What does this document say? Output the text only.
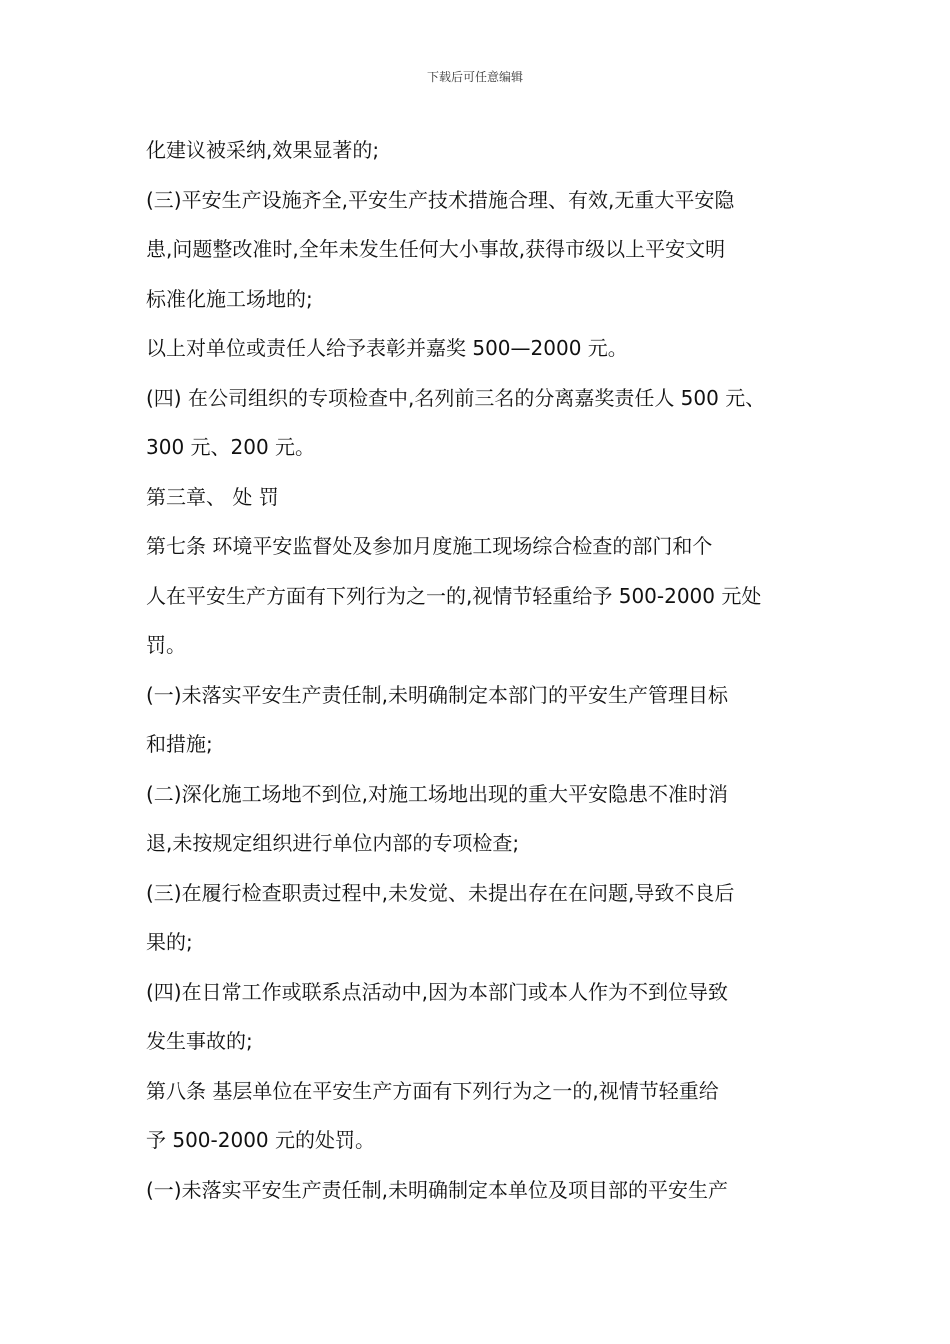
下载后可任意编辑
化建议被采纳,效果显著的;
(三)平安生产设施齐全,平安生产技术措施合理、有效,无重大平安隐
患,问题整改准时,全年未发生任何大小事故,获得市级以上平安文明
标准化施工场地的;
以上对单位或责任人给予表彰并嘉奖 500—2000 元。
(四) 在公司组织的专项检查中,名列前三名的分离嘉奖责任人 500 元、
300 元、200 元。
第三章、 处 罚
第七条 环境平安监督处及参加月度施工现场综合检查的部门和个
人在平安生产方面有下列行为之一的,视情节轻重给予 500-2000 元处
罚。
(一)未落实平安生产责任制,未明确制定本部门的平安生产管理目标
和措施;
(二)深化施工场地不到位,对施工场地出现的重大平安隐患不准时消
退,未按规定组织进行单位内部的专项检查;
(三)在履行检查职责过程中,未发觉、未提出存在在问题,导致不良后
果的;
(四)在日常工作或联系点活动中,因为本部门或本人作为不到位导致
发生事故的;
第八条 基层单位在平安生产方面有下列行为之一的,视情节轻重给
予 500-2000 元的处罚。
(一)未落实平安生产责任制,未明确制定本单位及项目部的平安生产
